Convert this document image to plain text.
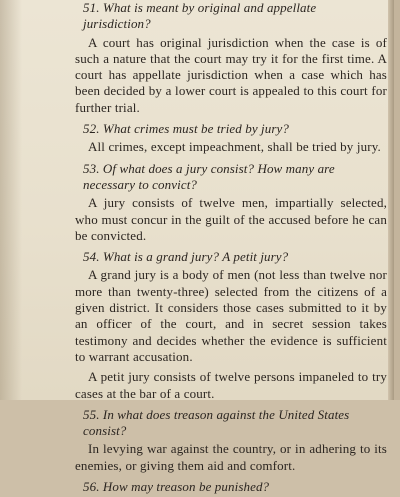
51. What is meant by original and appellate jurisdiction?

A court has original jurisdiction when the case is of such a nature that the court may try it for the first time. A court has appellate jurisdiction when a case which has been decided by a lower court is appealed to this court for further trial.

52. What crimes must be tried by jury?

All crimes, except impeachment, shall be tried by jury.

53. Of what does a jury consist? How many are necessary to convict?

A jury consists of twelve men, impartially selected, who must concur in the guilt of the accused before he can be convicted.

54. What is a grand jury? A petit jury?

A grand jury is a body of men (not less than twelve nor more than twenty-three) selected from the citizens of a given district. It considers those cases submitted to it by an officer of the court, and in secret session takes testimony and decides whether the evidence is sufficient to warrant accusation.

A petit jury consists of twelve persons impaneled to try cases at the bar of a court.

55. In what does treason against the United States consist?

In levying war against the country, or in adhering to its enemies, or giving them aid and comfort.

56. How may treason be punished?
